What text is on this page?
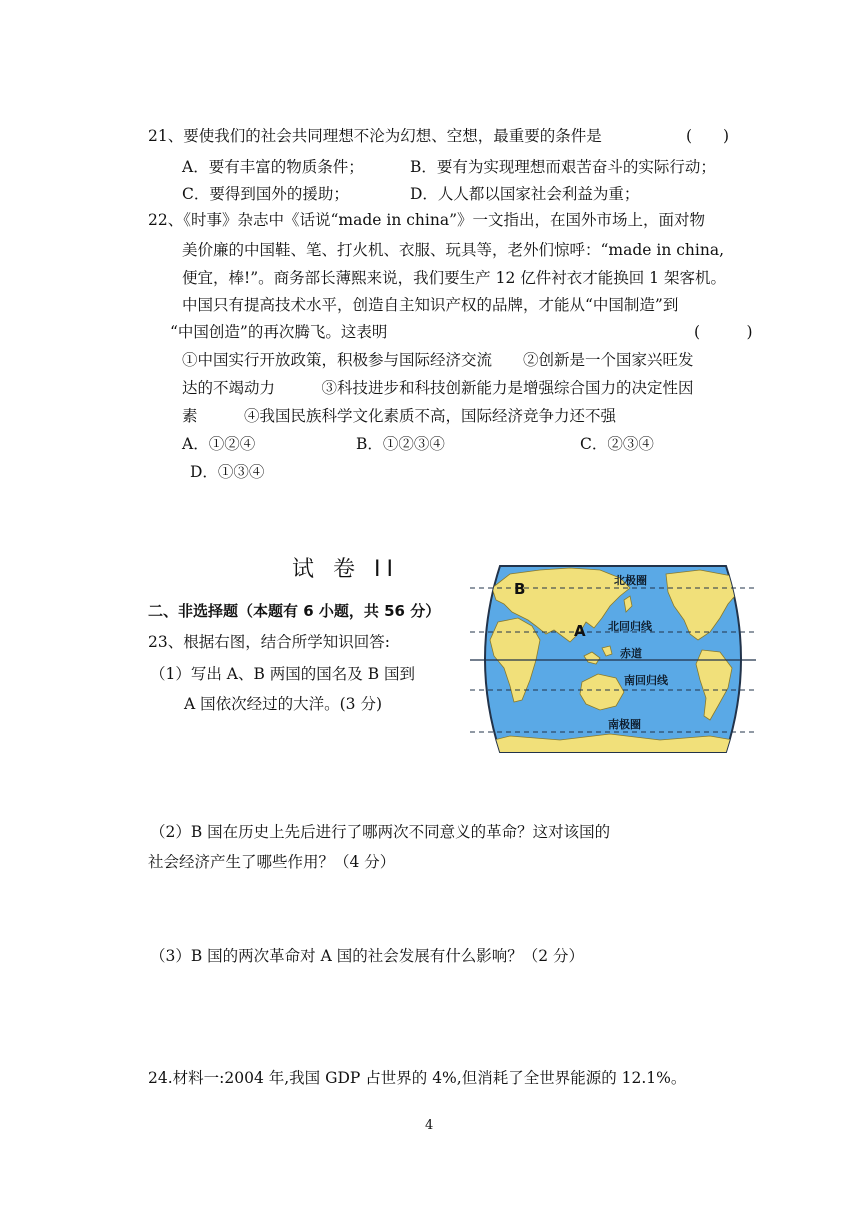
21、要使我们的社会共同理想不沦为幻想、空想，最重要的条件是	(　　)
A．要有丰富的物质条件；	B．要有为实现理想而艰苦奋斗的实际行动；
C．要得到国外的援助；	D．人人都以国家社会利益为重；
22、《时事》杂志中《话说“made in china”》一文指出，在国外市场上，面对物
美价廉的中国鞋、笔、打火机、衣服、玩具等，老外们惊呼：“made in china,
便宜，棒!”。商务部长薄熙来说，我们要生产 12 亿件衬衣才能换回 1 架客机。
中国只有提高技术水平，创造自主知识产权的品牌，才能从“中国制造”到
“中国创造”的再次腾飞。这表明	(　　　)
①中国实行开放政策，积极参与国际经济交流　　②创新是一个国家兴旺发
达的不竭动力　　　③科技进步和科技创新能力是增强综合国力的决定性因
素　　　④我国民族科学文化素质不高，国际经济竞争力还不强
A．①②④	B．①②③④	C．②③④
D．①③④
试 卷 II
二、非选择题（本题有 6 小题，共 56 分）
23、根据右图，结合所学知识回答:
（1）写出 A、B 两国的国名及 B 国到
A 国依次经过的大洋。(3 分)
北极圈
北回归线
赤道
南回归线
南极圈
A
B
（2）B 国在历史上先后进行了哪两次不同意义的革命？这对该国的
社会经济产生了哪些作用？（4 分）
（3）B 国的两次革命对 A 国的社会发展有什么影响？（2 分）
24.材料一:2004 年,我国 GDP 占世界的 4%,但消耗了全世界能源的 12.1%。
4
